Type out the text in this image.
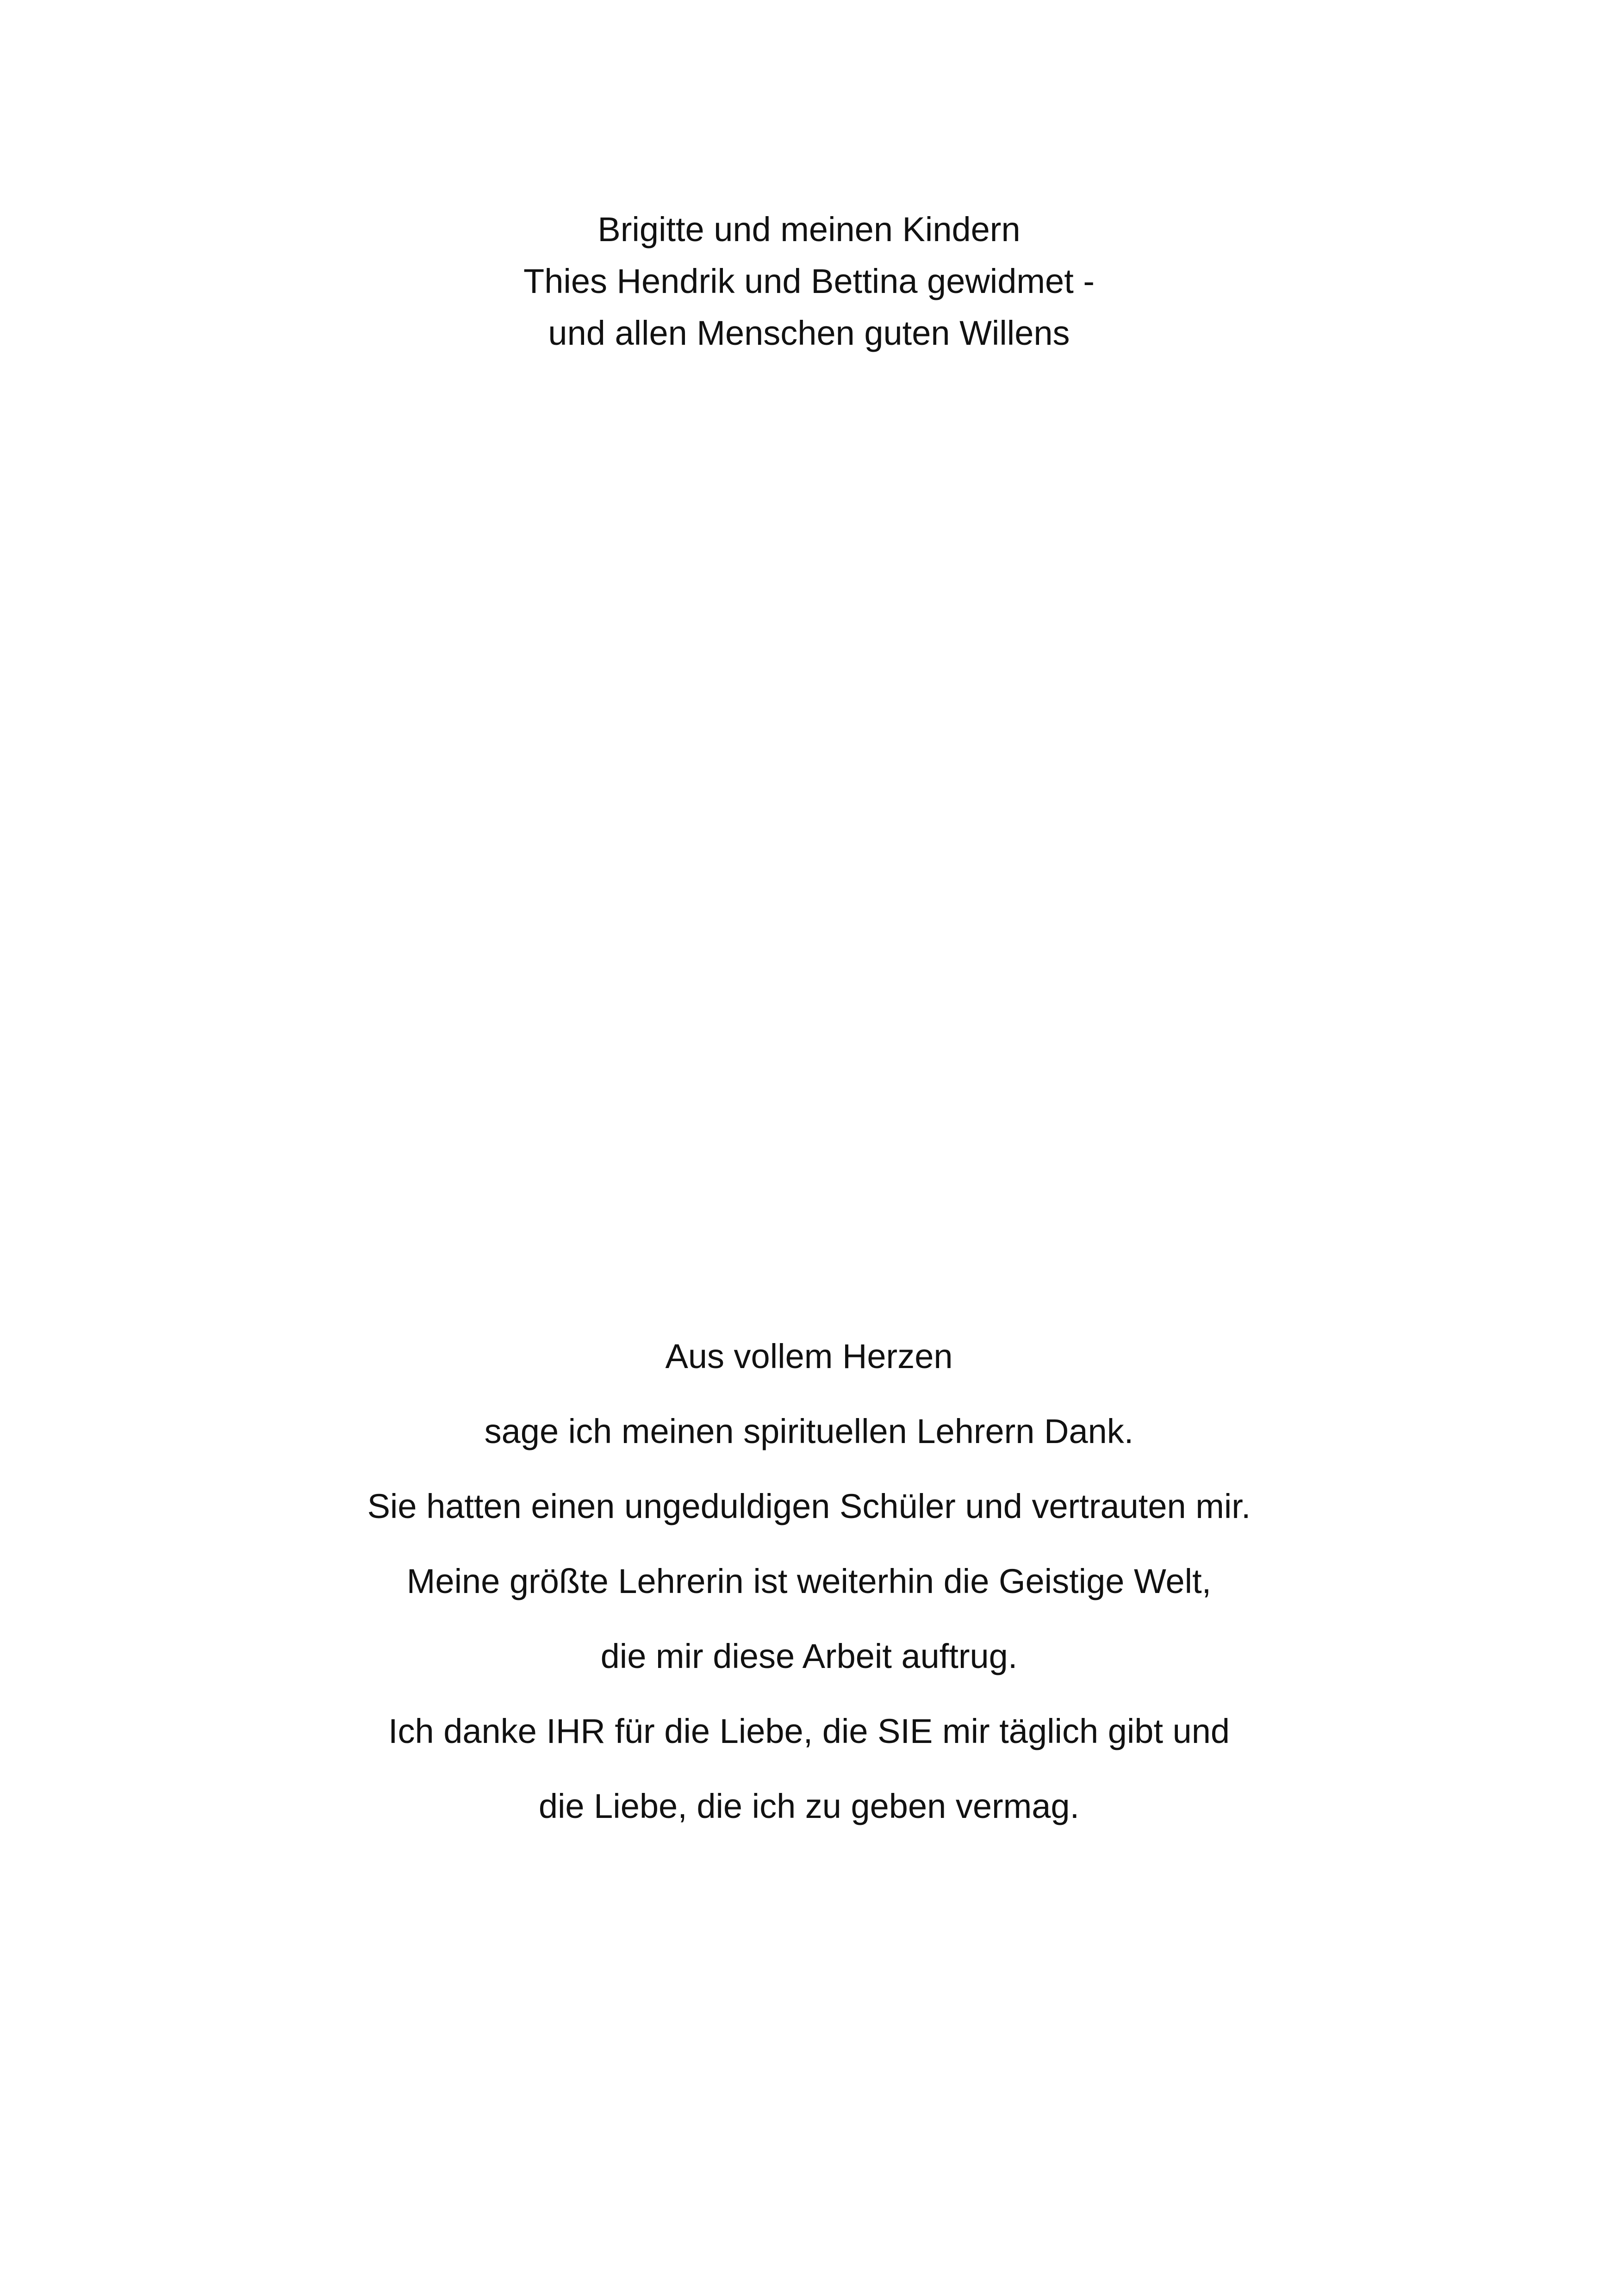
Brigitte und meinen Kindern
Thies Hendrik und Bettina gewidmet -
und allen Menschen guten Willens
Aus vollem Herzen
sage ich meinen spirituellen Lehrern Dank.
Sie hatten einen ungeduldigen Schüler und vertrauten mir.
Meine größte Lehrerin ist weiterhin die Geistige Welt,
die mir diese Arbeit auftrug.
Ich danke IHR für die Liebe, die SIE mir täglich gibt und
die Liebe, die ich zu geben vermag.
